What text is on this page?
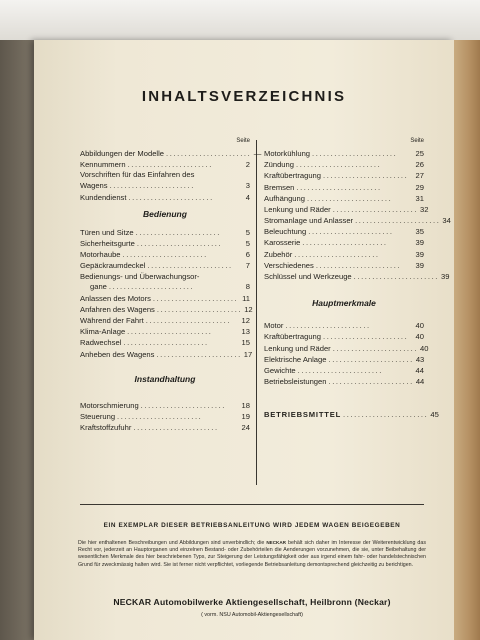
INHALTSVERZEICHNIS
Seite
Abbildungen der Modelle ....................... —
Kennummern .......................	2
Vorschriften für das Einfahren des
Wagens .......................	3
Kundendienst .......................	4
Bedienung
Türen und Sitze .......................	5
Sicherheitsgurte .......................	5
Motorhaube .......................	6
Gepäckraumdeckel .......................	7
Bedienungs- und Überwachungsor-
gane .......................	8
Anlassen des Motors ....................... 11
Anfahren des Wagens ....................... 12
Während der Fahrt .......................	12
Klima-Anlage .......................	13
Radwechsel .......................	15
Anheben des Wagens ....................... 17
Instandhaltung
Motorschmierung .......................	18
Steuerung .......................	19
Kraftstoffzufuhr .......................	24
Seite
Motorkühlung .......................	25
Zündung .......................	26
Kraftübertragung ....................... 27
Bremsen .......................	29
Aufhängung .......................	31
Lenkung und Räder ....................... 32
Stromanlage und Anlasser ....................... 34
Beleuchtung .......................	35
Karosserie .......................	39
Zubehör .......................	39
Verschiedenes .......................	39
Schlüssel und Werkzeuge ....................... 39
Hauptmerkmale
Motor .......................	40
Kraftübertragung ....................... 40
Lenkung und Räder ....................... 40
Elektrische Anlage ....................... 43
Gewichte .......................	44
Betriebsleistungen ....................... 44
BETRIEBSMITTEL ....................... 45
EIN EXEMPLAR DIESER BETRIEBSANLEITUNG WIRD JEDEM WAGEN BEIGEGEBEN
Die hier enthaltenen Beschreibungen und Abbildungen sind unverbindlich; die NECKAR behält sich daher im Interesse der Weiterentwicklung das Recht vor, jederzeit an Hauptorganen und einzelnen Bestand- oder Zubehörteilen die Aenderungen vorzunehmen, die sie, unter Beibehaltung der wesentlichen Merkmale des hier beschriebenen Typs, zur Steigerung der Leistungsfähigkeit oder aus irgend einem fahr- oder handelstechnischen Grund für zweckmässig halten wird. Sie ist ferner nicht verpflichtet, vorliegende Betriebsanleitung demontsprechend gleichzeitig zu berichtigen.
NECKAR Automobilwerke Aktiengesellschaft, Heilbronn (Neckar)
( vorm. NSU Automobil-Aktiengesellschaft)
